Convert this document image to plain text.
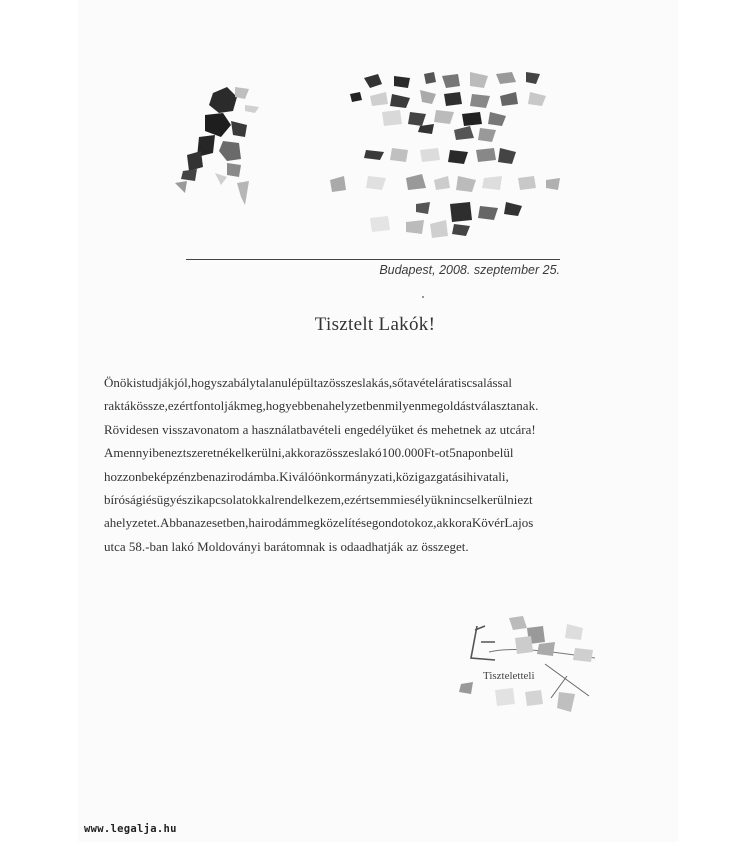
Budapest, 2008. szeptember 25.
Tisztelt Lakók!
Önökistudjákjól,hogyszabálytalanulépültazösszeslakás,sőtavételáratiscsalással
raktákössze,ezértfontoljákmeg,hogyebbenahelyzetbenmilyenmegoldástválasztanak.
Rövidesen visszavonatom a használatbavételi engedélyüket és mehetnek az utcára!
Amennyibeneztszeretnékelkerülni,akkorazösszeslakó100.000Ft-ot5naponbelül
hozzonbeképzénzbenazirodámba.Kiválóönkormányzati,közigazgatásihivatali,
bíróságiésügyészikapcsolatokkalrendelkezem,ezértsemmiesélyüknincselkerülniezt
ahelyzetet.Abbanazesetben,hairodámmegközelítésegondotokoz,akkoraKövérLajos
utca 58.-ban lakó Moldoványi barátomnak is odaadhatják az összeget.
Tiszteletteli
www.legalja.hu
